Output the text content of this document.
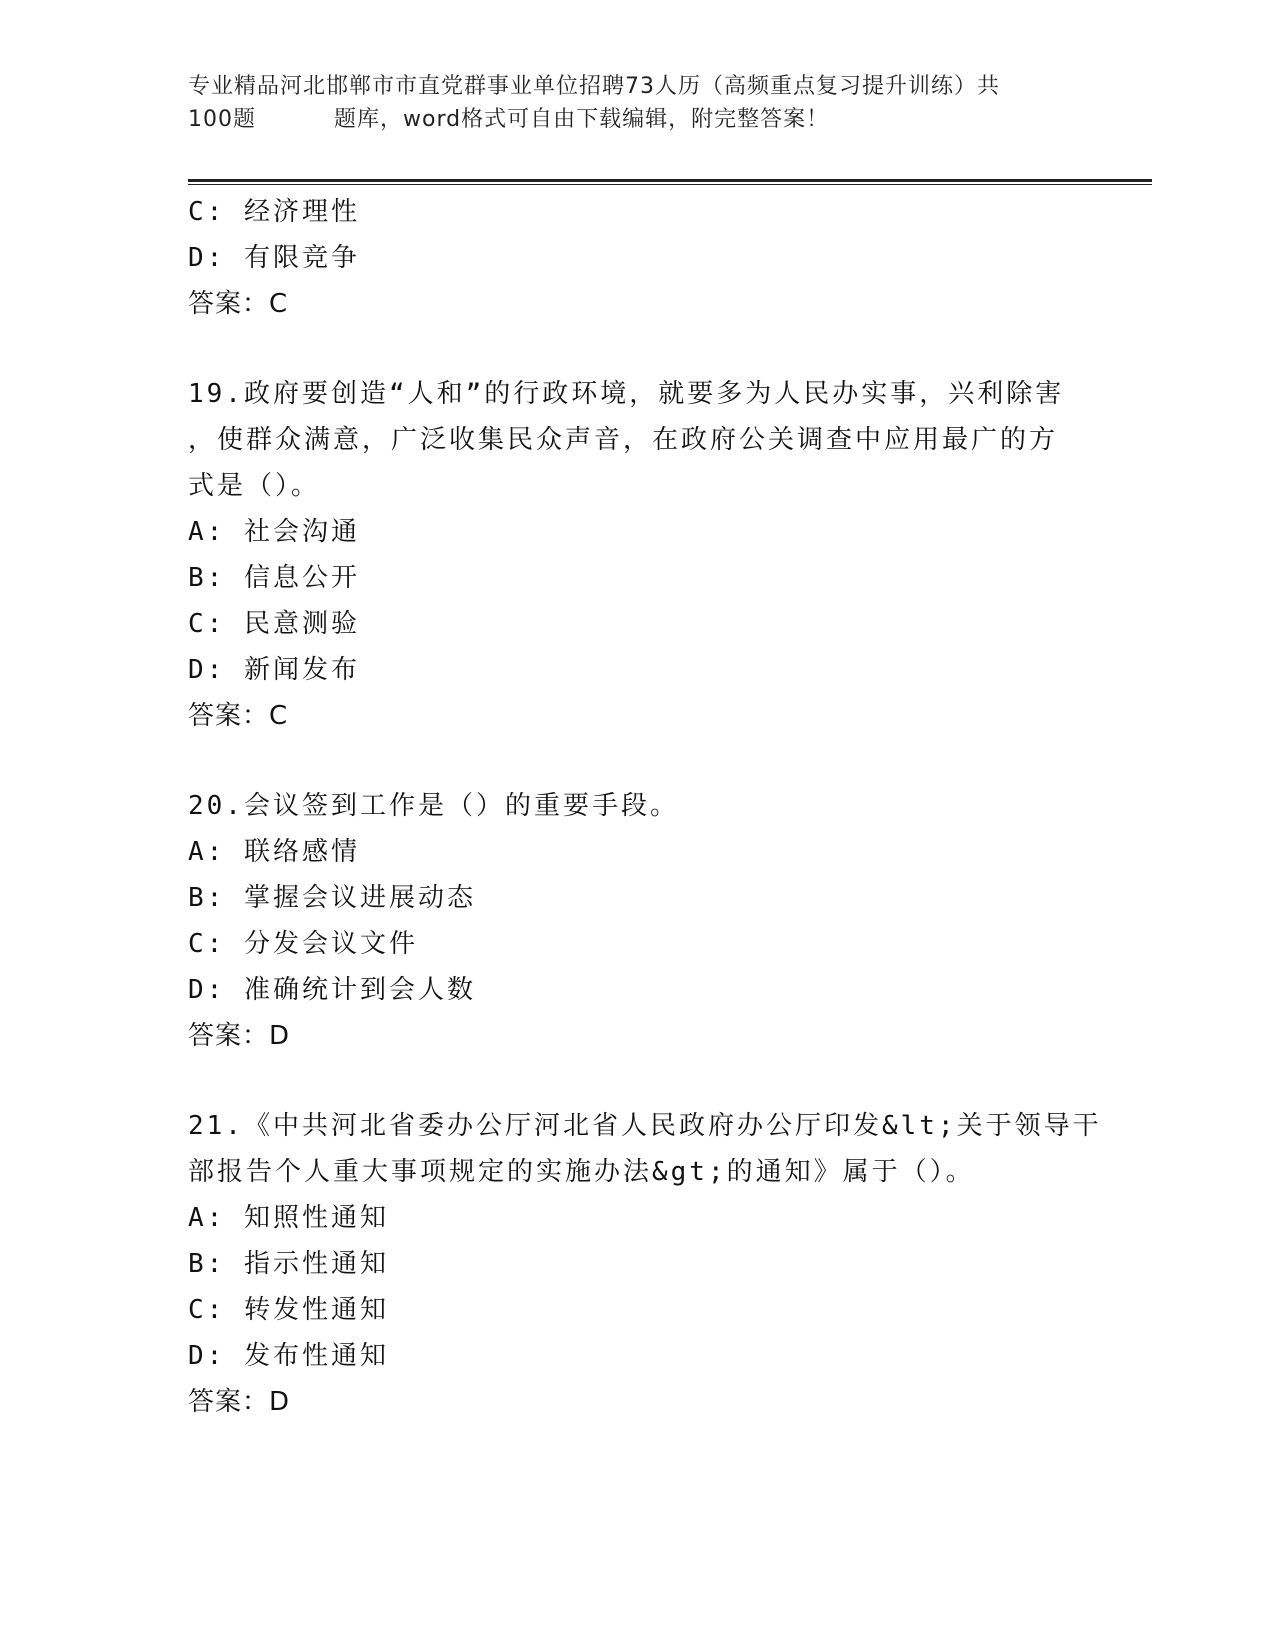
专业精品河北邯郸市市直党群事业单位招聘73人历（高频重点复习提升训练）共
100题	题库，word格式可自由下载编辑，附完整答案！
C: 经济理性
D: 有限竞争
答案：C
19.政府要创造“人和”的行政环境，就要多为人民办实事，兴利除害
，使群众满意，广泛收集民众声音，在政府公关调查中应用最广的方
式是（）。
A: 社会沟通
B: 信息公开
C: 民意测验
D: 新闻发布
答案：C
20.会议签到工作是（）的重要手段。
A: 联络感情
B: 掌握会议进展动态
C: 分发会议文件
D: 准确统计到会人数
答案：D
21.《中共河北省委办公厅河北省人民政府办公厅印发&lt;关于领导干
部报告个人重大事项规定的实施办法&gt;的通知》属于（）。
A: 知照性通知
B: 指示性通知
C: 转发性通知
D: 发布性通知
答案：D
